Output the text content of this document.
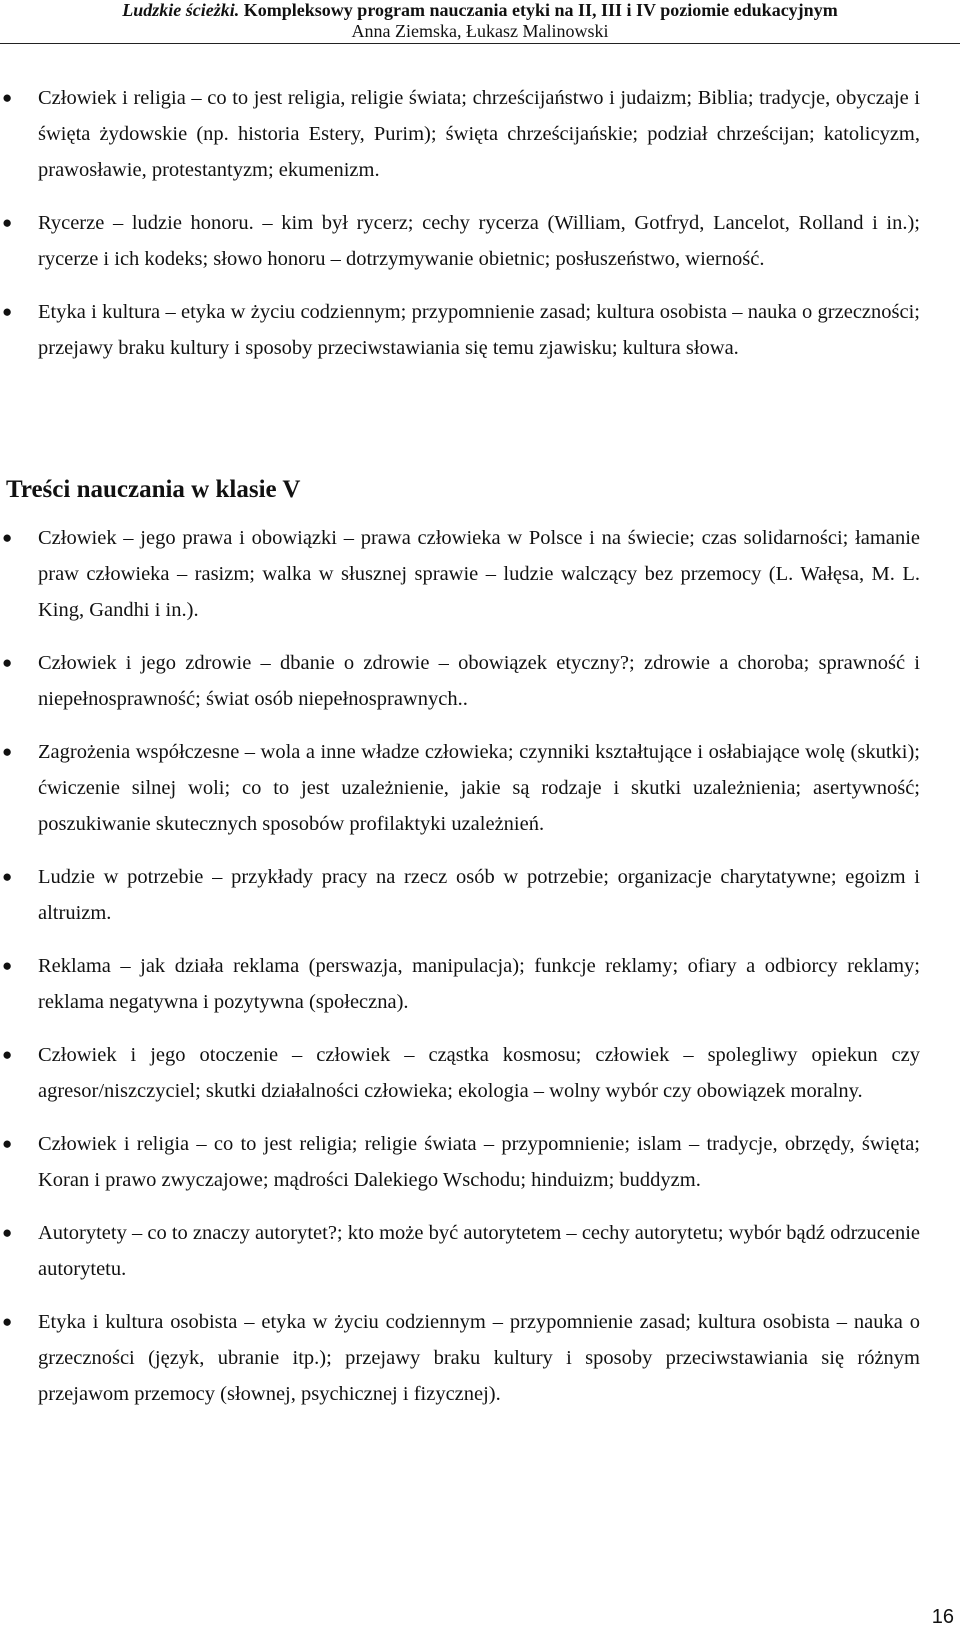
Ludzkie ścieżki. Kompleksowy program nauczania etyki na II, III i IV poziomie edukacyjnym
Anna Ziemska, Łukasz Malinowski

● Człowiek i religia – co to jest religia, religie świata; chrześcijaństwo i judaizm; Biblia; tradycje, obyczaje i święta żydowskie (np. historia Estery, Purim); święta chrześcijańskie; podział chrześcijan; katolicyzm, prawosławie, protestantyzm; ekumenizm.

● Rycerze – ludzie honoru. – kim był rycerz; cechy rycerza (William, Gotfryd, Lancelot, Rolland i in.); rycerze i ich kodeks; słowo honoru – dotrzymywanie obietnic; posłuszeństwo, wierność.

● Etyka i kultura – etyka w życiu codziennym; przypomnienie zasad; kultura osobista – nauka o grzeczności; przejawy braku kultury i sposoby przeciwstawiania się temu zjawisku; kultura słowa.

Treści nauczania w klasie V

● Człowiek – jego prawa i obowiązki – prawa człowieka w Polsce i na świecie; czas solidarności; łamanie praw człowieka – rasizm; walka w słusznej sprawie – ludzie walczący bez przemocy (L. Wałęsa, M. L. King, Gandhi i in.).

● Człowiek i jego zdrowie – dbanie o zdrowie – obowiązek etyczny?; zdrowie a choroba; sprawność i niepełnosprawność; świat osób niepełnosprawnych..

● Zagrożenia współczesne – wola a inne władze człowieka; czynniki kształtujące i osłabiające wolę (skutki); ćwiczenie silnej woli; co to jest uzależnienie, jakie są rodzaje i skutki uzależnienia; asertywność; poszukiwanie skutecznych sposobów profilaktyki uzależnień.

● Ludzie w potrzebie – przykłady pracy na rzecz osób w potrzebie; organizacje charytatywne; egoizm i altruizm.

● Reklama – jak działa reklama (perswazja, manipulacja); funkcje reklamy; ofiary a odbiorcy reklamy; reklama negatywna i pozytywna (społeczna).

● Człowiek i jego otoczenie – człowiek – cząstka kosmosu; człowiek – spolegliwy opiekun czy agresor/niszczyciel; skutki działalności człowieka; ekologia – wolny wybór czy obowiązek moralny.

● Człowiek i religia – co to jest religia; religie świata – przypomnienie; islam – tradycje, obrzędy, święta; Koran i prawo zwyczajowe; mądrości Dalekiego Wschodu; hinduizm; buddyzm.

● Autorytety – co to znaczy autorytet?; kto może być autorytetem – cechy autorytetu; wybór bądź odrzucenie autorytetu.

● Etyka i kultura osobista – etyka w życiu codziennym – przypomnienie zasad; kultura osobista – nauka o grzeczności (język, ubranie itp.); przejawy braku kultury i sposoby przeciwstawiania się różnym przejawom przemocy (słownej, psychicznej i fizycznej).

16
